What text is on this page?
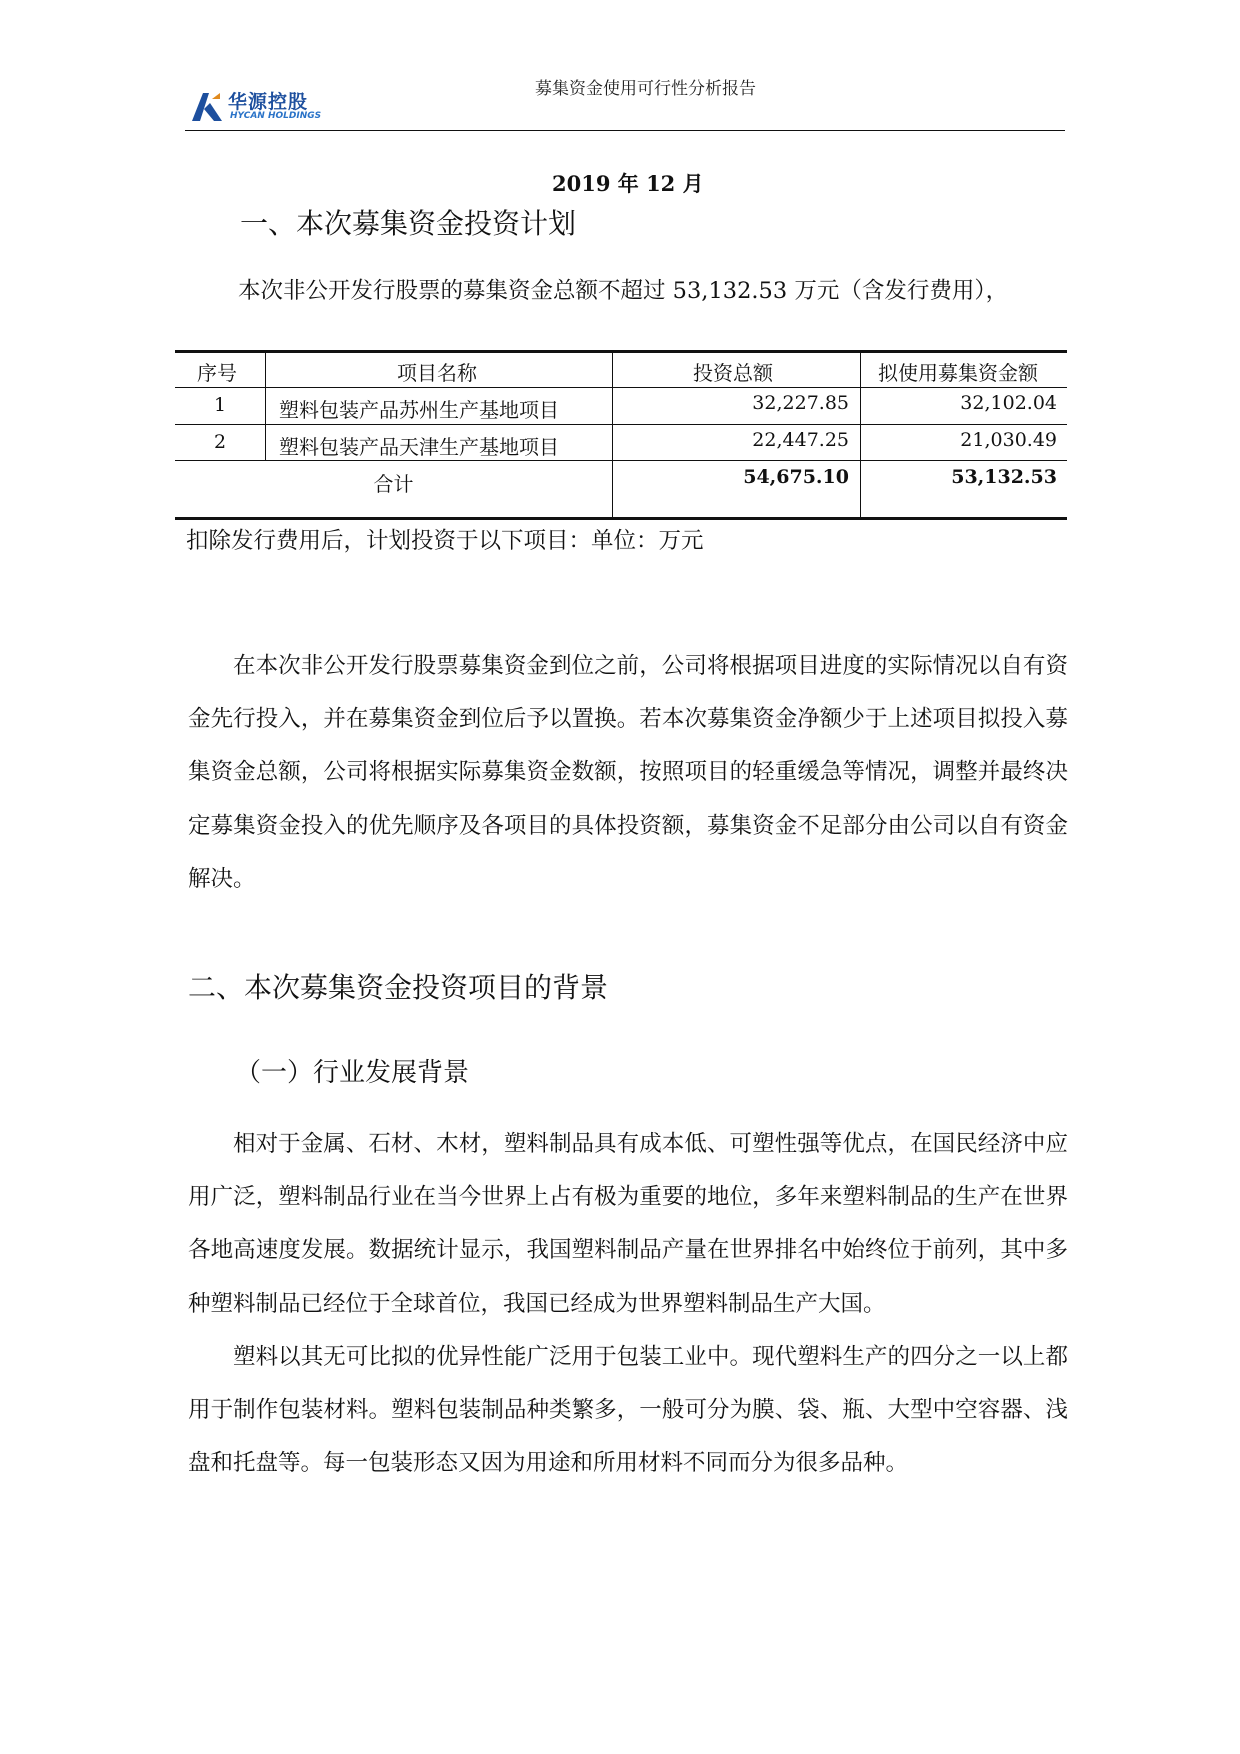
华源控股
HYCAN HOLDINGS
募集资金使用可行性分析报告
2019 年 12 月
一、本次募集资金投资计划
本次非公开发行股票的募集资金总额不超过 53,132.53 万元（含发行费用），
序号	项目名称	投资总额	拟使用募集资金额
1	塑料包装产品苏州生产基地项目	32,227.85	32,102.04
2	塑料包装产品天津生产基地项目	22,447.25	21,030.49
合计	54,675.10	53,132.53
扣除发行费用后，计划投资于以下项目：单位：万元

在本次非公开发行股票募集资金到位之前，公司将根据项目进度的实际情况以自有资金先行投入，并在募集资金到位后予以置换。若本次募集资金净额少于上述项目拟投入募集资金总额，公司将根据实际募集资金数额，按照项目的轻重缓急等情况，调整并最终决定募集资金投入的优先顺序及各项目的具体投资额，募集资金不足部分由公司以自有资金解决。

二、本次募集资金投资项目的背景
（一）行业发展背景

相对于金属、石材、木材，塑料制品具有成本低、可塑性强等优点，在国民经济中应用广泛，塑料制品行业在当今世界上占有极为重要的地位，多年来塑料制品的生产在世界各地高速度发展。数据统计显示，我国塑料制品产量在世界排名中始终位于前列，其中多种塑料制品已经位于全球首位，我国已经成为世界塑料制品生产大国。

塑料以其无可比拟的优异性能广泛用于包装工业中。现代塑料生产的四分之一以上都用于制作包装材料。塑料包装制品种类繁多，一般可分为膜、袋、瓶、大型中空容器、浅盘和托盘等。每一包装形态又因为用途和所用材料不同而分为很多品种。
